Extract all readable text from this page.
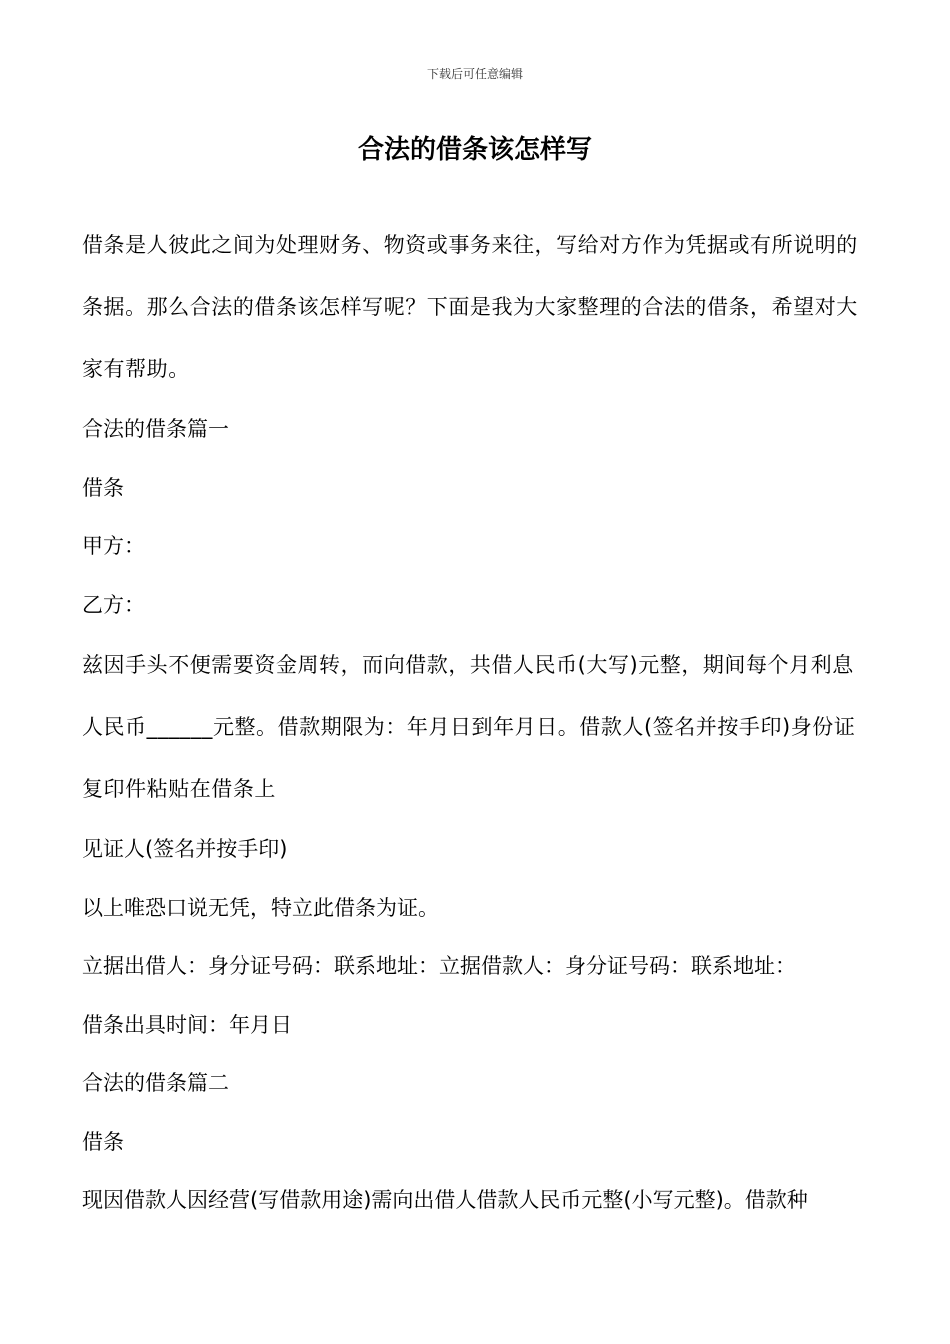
下载后可任意编辑
合法的借条该怎样写

借条是人彼此之间为处理财务、物资或事务来往，写给对方作为凭据或有所说明的条据。那么合法的借条该怎样写呢？下面是我为大家整理的合法的借条，希望对大家有帮助。

合法的借条篇一

借条

甲方：

乙方：

兹因手头不便需要资金周转，而向借款，共借人民币(大写)元整，期间每个月利息人民币______元整。借款期限为：年月日到年月日。借款人(签名并按手印)身份证复印件粘贴在借条上

见证人(签名并按手印)

以上唯恐口说无凭，特立此借条为证。

立据出借人：身分证号码：联系地址：立据借款人：身分证号码：联系地址：

借条出具时间：年月日

合法的借条篇二

借条

现因借款人因经营(写借款用途)需向出借人借款人民币元整(小写元整)。借款种
